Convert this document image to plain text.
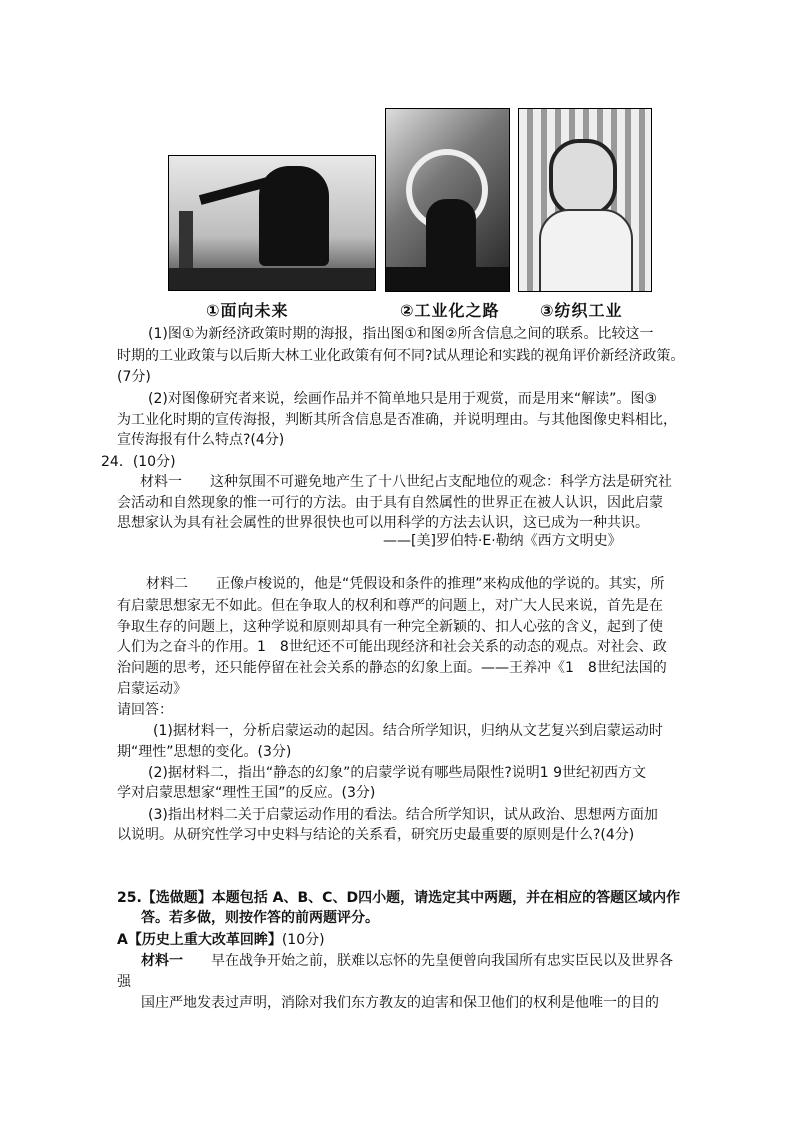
①面向未来	②工业化之路	③纺织工业
(1)图①为新经济政策时期的海报，指出图①和图②所含信息之间的联系。比较这一
时期的工业政策与以后斯大林工业化政策有何不同?试从理论和实践的视角评价新经济政策。
(7分)
(2)对图像研究者来说，绘画作品并不简单地只是用于观赏，而是用来“解读”。图③
为工业化时期的宣传海报，判断其所含信息是否准确，并说明理由。与其他图像史料相比，
宣传海报有什么特点?(4分)
24．(10分)
材料一 这种氛围不可避免地产生了十八世纪占支配地位的观念：科学方法是研究社
会活动和自然现象的惟一可行的方法。由于具有自然属性的世界正在被人认识，因此启蒙
思想家认为具有社会属性的世界很快也可以用科学的方法去认识，这已成为一种共识。
——[美]罗伯特·E·勒纳《西方文明史》
材料二 正像卢梭说的，他是“凭假设和条件的推理”来构成他的学说的。其实，所
有启蒙思想家无不如此。但在争取人的权利和尊严的问题上，对广大人民来说，首先是在
争取生存的问题上，这种学说和原则却具有一种完全新颖的、扣人心弦的含义，起到了使
人们为之奋斗的作用。1　8世纪还不可能出现经济和社会关系的动态的观点。对社会、政
治问题的思考，还只能停留在社会关系的静态的幻象上面。——王养冲《1　8世纪法国的
启蒙运动》
请回答：
(1)据材料一，分析启蒙运动的起因。结合所学知识，归纳从文艺复兴到启蒙运动时
期“理性”思想的变化。(3分)
(2)据材料二，指出“静态的幻象”的启蒙学说有哪些局限性?说明1 9世纪初西方文
学对启蒙思想家“理性王国”的反应。(3分)
(3)指出材料二关于启蒙运动作用的看法。结合所学知识，试从政治、思想两方面加
以说明。从研究性学习中史料与结论的关系看，研究历史最重要的原则是什么?(4分)
25.【选做题】本题包括 A、B、C、D四小题，请选定其中两题，并在相应的答题区域内作
答。若多做，则按作答的前两题评分。
A【历史上重大改革回眸】(10分)
材料一 早在战争开始之前，朕难以忘怀的先皇便曾向我国所有忠实臣民以及世界各
强
国庄严地发表过声明，消除对我们东方教友的迫害和保卫他们的权利是他唯一的目的
